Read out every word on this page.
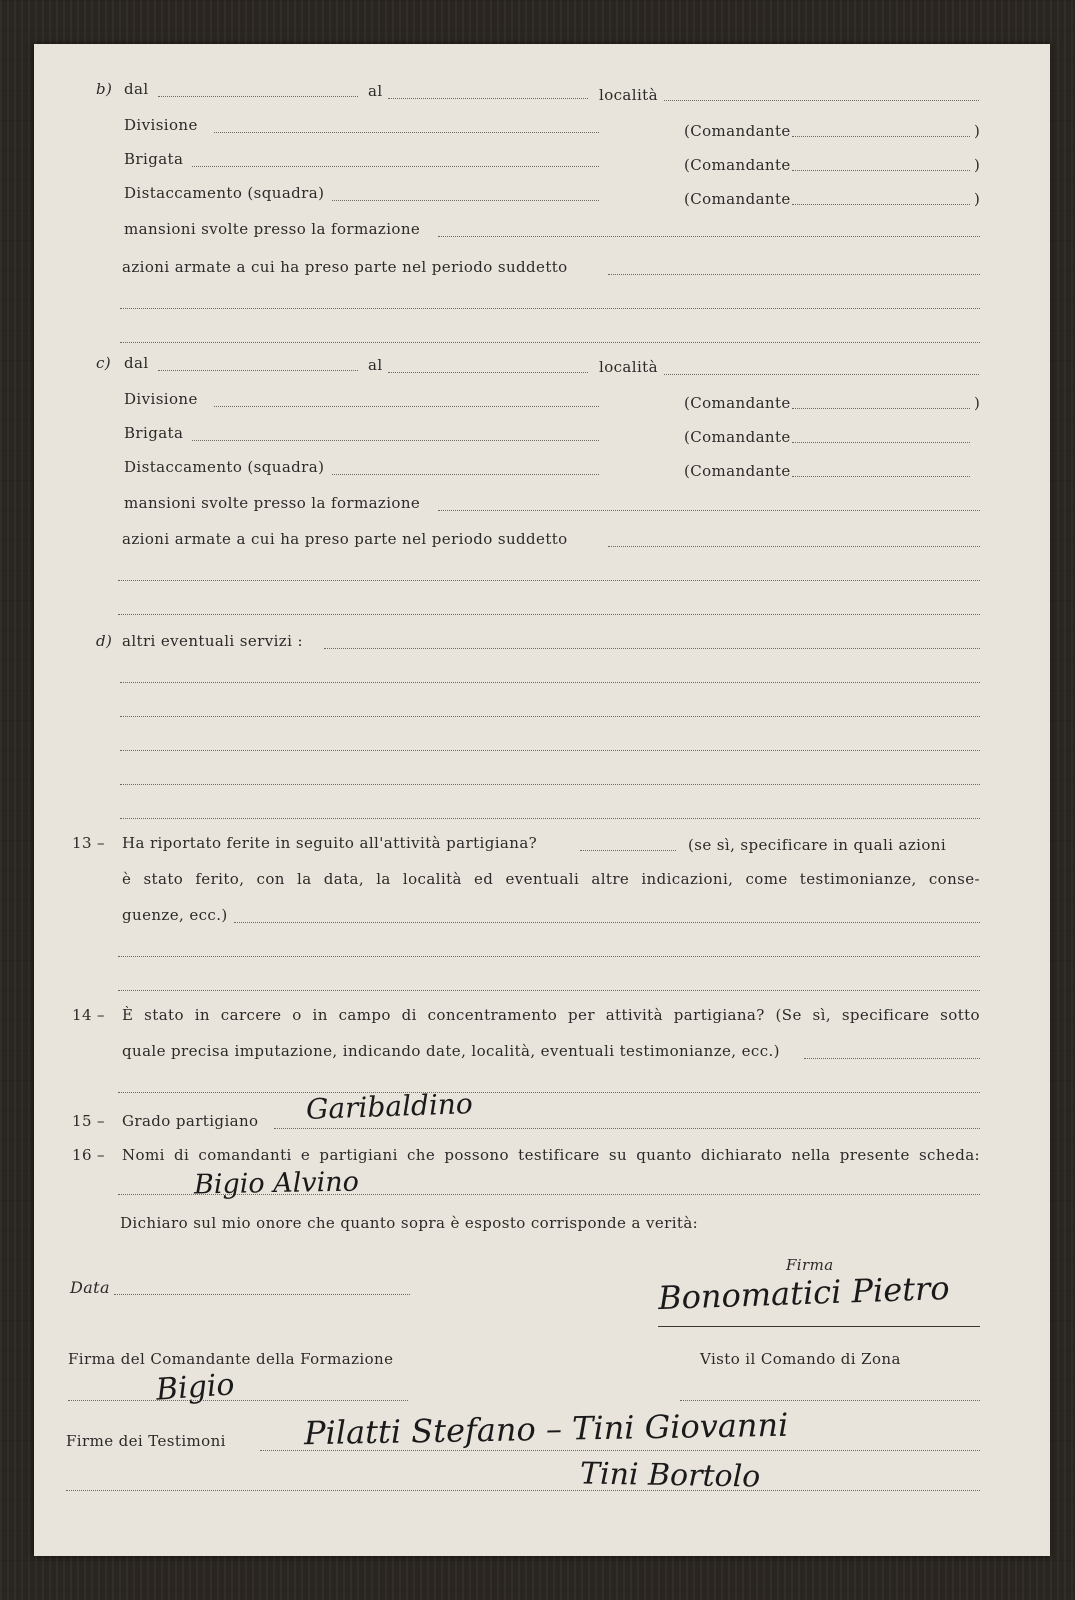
b) dal	al	località
Divisione	(Comandante	)
Brigata	(Comandante	)
Distaccamento (squadra)	(Comandante	)
mansioni svolte presso la formazione
azioni armate a cui ha preso parte nel periodo suddetto
c) dal	al	località
Divisione	(Comandante	)
Brigata	(Comandante
Distaccamento (squadra)	(Comandante
mansioni svolte presso la formazione
azioni armate a cui ha preso parte nel periodo suddetto
d) altri eventuali servizi :
13 – Ha riportato ferite in seguito all'attività partigiana?	(se sì, specificare in quali azioni
è stato ferito, con la data, la località ed eventuali altre indicazioni, come testimonianze, conse-
guenze, ecc.)
14 – È stato in carcere o in campo di concentramento per attività partigiana? (Se sì, specificare sotto
quale precisa imputazione, indicando date, località, eventuali testimonianze, ecc.)
15 – Grado partigiano Garibaldino
16 – Nomi di comandanti e partigiani che possono testificare su quanto dichiarato nella presente scheda:
Bigio Alvino
Dichiaro sul mio onore che quanto sopra è esposto corrisponde a verità:
Firma
Bonomatici Pietro
Data
Firma del Comandante della Formazione	Visto il Comando di Zona
Bigio
Firme dei Testimoni Pilatti Stefano – Tini Giovanni
Tini Bortolo
